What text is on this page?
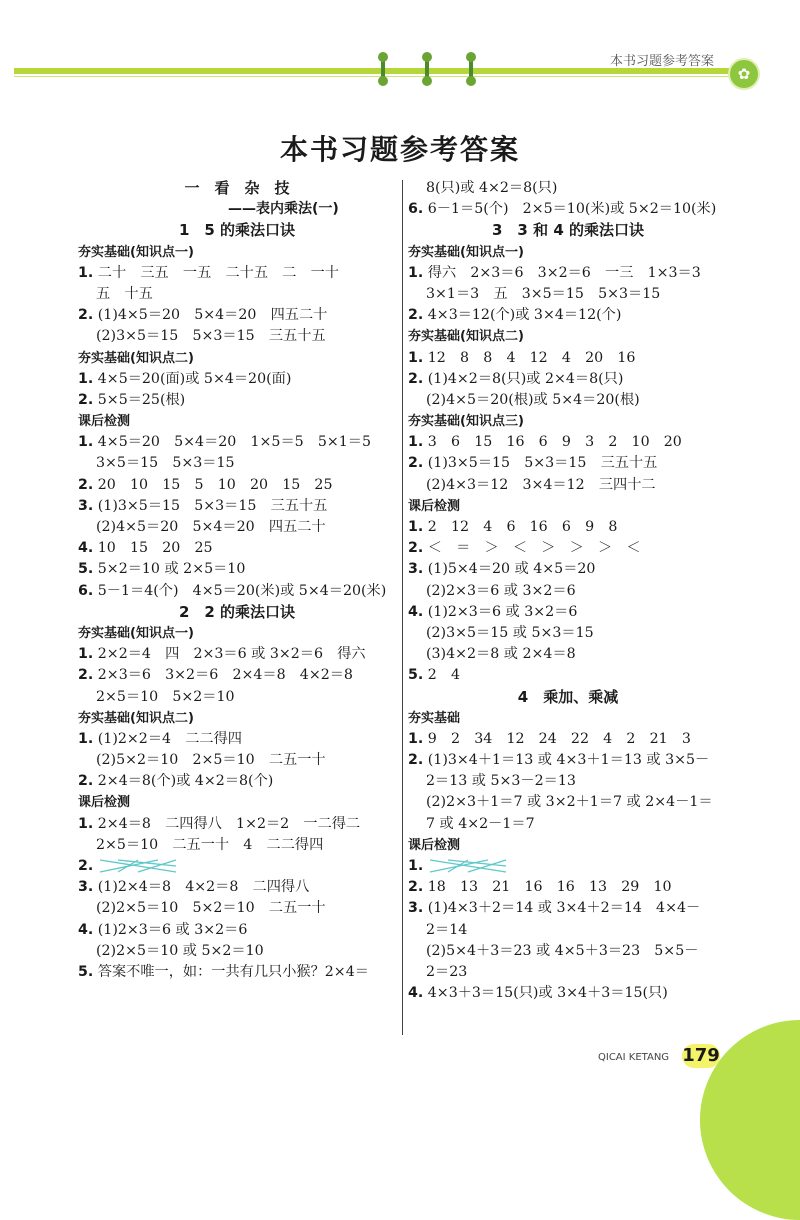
本书习题参考答案
✿
本书习题参考答案
一　看　杂　技
——表内乘法(一)
1　5 的乘法口诀
夯实基础(知识点一)
1. 二十　三五　一五　二十五　二　一十
五　十五
2. (1)4×5＝20　5×4＝20　四五二十
(2)3×5＝15　5×3＝15　三五十五
夯实基础(知识点二)
1. 4×5＝20(面)或 5×4＝20(面)
2. 5×5＝25(根)
课后检测
1. 4×5＝20　5×4＝20　1×5＝5　5×1＝5
3×5＝15　5×3＝15
2. 20　10　15　5　10　20　15　25
3. (1)3×5＝15　5×3＝15　三五十五
(2)4×5＝20　5×4＝20　四五二十
4. 10　15　20　25
5. 5×2＝10 或 2×5＝10
6. 5－1＝4(个)　4×5＝20(米)或 5×4＝20(米)
2　2 的乘法口诀
夯实基础(知识点一)
1. 2×2＝4　四　2×3＝6 或 3×2＝6　得六
2. 2×3＝6　3×2＝6　2×4＝8　4×2＝8
2×5＝10　5×2＝10
夯实基础(知识点二)
1. (1)2×2＝4　二二得四
(2)5×2＝10　2×5＝10　二五一十
2. 2×4＝8(个)或 4×2＝8(个)
课后检测
1. 2×4＝8　二四得八　1×2＝2　一二得二
2×5＝10　二五一十　4　二二得四
2.
3. (1)2×4＝8　4×2＝8　二四得八
(2)2×5＝10　5×2＝10　二五一十
4. (1)2×3＝6 或 3×2＝6
(2)2×5＝10 或 5×2＝10
5. 答案不唯一，如：一共有几只小猴？2×4＝
8(只)或 4×2＝8(只)
6. 6－1＝5(个)　2×5＝10(米)或 5×2＝10(米)
3　3 和 4 的乘法口诀
夯实基础(知识点一)
1. 得六　2×3＝6　3×2＝6　一三　1×3＝3
3×1＝3　五　3×5＝15　5×3＝15
2. 4×3＝12(个)或 3×4＝12(个)
夯实基础(知识点二)
1. 12　8　8　4　12　4　20　16
2. (1)4×2＝8(只)或 2×4＝8(只)
(2)4×5＝20(根)或 5×4＝20(根)
夯实基础(知识点三)
1. 3　6　15　16　6　9　3　2　10　20
2. (1)3×5＝15　5×3＝15　三五十五
(2)4×3＝12　3×4＝12　三四十二
课后检测
1. 2　12　4　6　16　6　9　8
2. ＜　＝　＞　＜　＞　＞　＞　＜
3. (1)5×4＝20 或 4×5＝20
(2)2×3＝6 或 3×2＝6
4. (1)2×3＝6 或 3×2＝6
(2)3×5＝15 或 5×3＝15
(3)4×2＝8 或 2×4＝8
5. 2　4
4　乘加、乘减
夯实基础
1. 9　2　34　12　24　22　4　2　21　3
2. (1)3×4＋1＝13 或 4×3＋1＝13 或 3×5－
2＝13 或 5×3－2＝13
(2)2×3＋1＝7 或 3×2＋1＝7 或 2×4－1＝
7 或 4×2－1＝7
课后检测
1.
2. 18　13　21　16　16　13　29　10
3. (1)4×3＋2＝14 或 3×4＋2＝14　4×4－
2＝14
(2)5×4＋3＝23 或 4×5＋3＝23　5×5－
2＝23
4. 4×3＋3＝15(只)或 3×4＋3＝15(只)
QICAI KETANG 179
